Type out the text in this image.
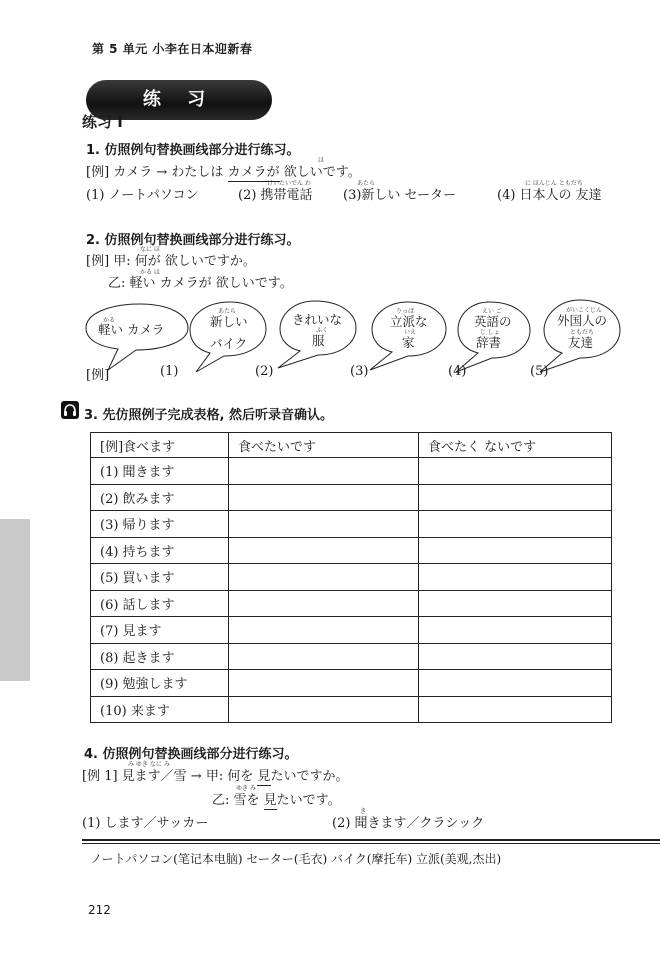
第 5 单元 小李在日本迎新春
练 习
练习 Ⅰ
1. 仿照例句替换画线部分进行练习。
ほ
[例] カメラ → わたしは カメラが 欲しいです。
けいたいでん わ	あたら	に ほんじん ともだち
(1) ノートパソコン	(2) 携帯電話 (3)新しい セーター	(4) 日本人の 友達
2. 仿照例句替换画线部分进行练习。
なに ほ
[例] 甲: 何が 欲しいですか。
かる ほ
乙: 軽い カメラが 欲しいです。
かる
軽い カメラ
あたら
新しい
バイク
きれいな
ふく
服
りっぱ
立派な
いえ
家
えい ご
英語の
じ しょ
辞書
がいこくじん
外国人の
ともだち
友達
[例]	(1)	(2)	(3)	(4)	(5)
3. 先仿照例子完成表格, 然后听录音确认。
[例]食べます	食べたいです	食べたく ないです
(1) 聞きます		
(2) 飲みます		
(3) 帰ります		
(4) 持ちます		
(5) 買います		
(6) 話します		
(7) 見ます		
(8) 起きます		
(9) 勉強します		
(10) 来ます		
4. 仿照例句替换画线部分进行练习。
み ゆき なに み
[例 1] 見ます／雪 → 甲: 何を 見たいですか。
ゆき み
乙: 雪を 見たいです。
(1) します／サッカー
き
(2) 聞きます／クラシック
ノートパソコン(笔记本电脑) セーター(毛衣) バイク(摩托车) 立派(美观,杰出)
212
